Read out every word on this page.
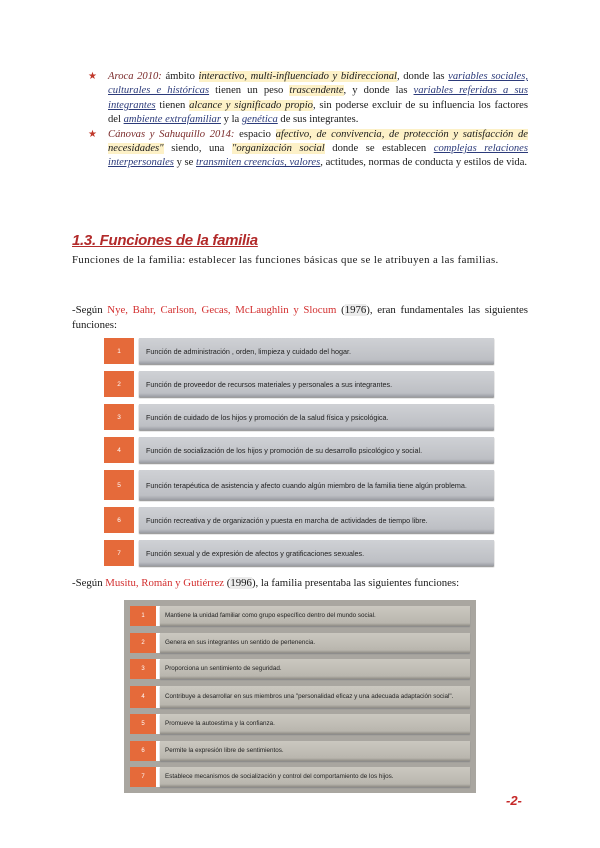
★ Aroca 2010: ámbito interactivo, multi-influenciado y bidireccional, donde las variables sociales, culturales e históricas tienen un peso trascendente, y donde las variables referidas a sus integrantes tienen alcance y significado propio, sin poderse excluir de su influencia los factores del ambiente extrafamiliar y la genética de sus integrantes.
★ Cánovas y Sahuquillo 2014: espacio afectivo, de convivencia, de protección y satisfacción de necesidades" siendo, una "organización social donde se establecen complejas relaciones interpersonales y se transmiten creencias, valores, actitudes, normas de conducta y estilos de vida.
1.3. Funciones de la familia
Funciones de la familia: establecer las funciones básicas que se le atribuyen a las familias.
-Según Nye, Bahr, Carlson, Gecas, McLaughlin y Slocum (1976), eran fundamentales las siguientes funciones:
1	Función de administración , orden, limpieza y cuidado del hogar.
2	Función de proveedor de recursos materiales y personales a sus integrantes.
3	Función de cuidado de los hijos y promoción de la salud física y psicológica.
4	Función de socialización de los hijos y promoción de su desarrollo psicológico y social.
5	Función terapéutica de asistencia y afecto cuando algún miembro de la familia tiene algún problema.
6	Función recreativa y de organización y puesta en marcha de actividades de tiempo libre.
7	Función sexual y de expresión de afectos y gratificaciones sexuales.
-Según Musitu, Román y Gutiérrez (1996), la familia presentaba las siguientes funciones:
1	Mantiene la unidad familiar como grupo específico dentro del mundo social.
2	Genera en sus integrantes un sentido de pertenencia.
3	Proporciona un sentimiento de seguridad.
4	Contribuye a desarrollar en sus miembros una "personalidad eficaz y una adecuada adaptación social".
5	Promueve la autoestima y la confianza.
6	Permite la expresión libre de sentimientos.
7	Establece mecanismos de socialización y control del comportamiento de los hijos.
-2-
